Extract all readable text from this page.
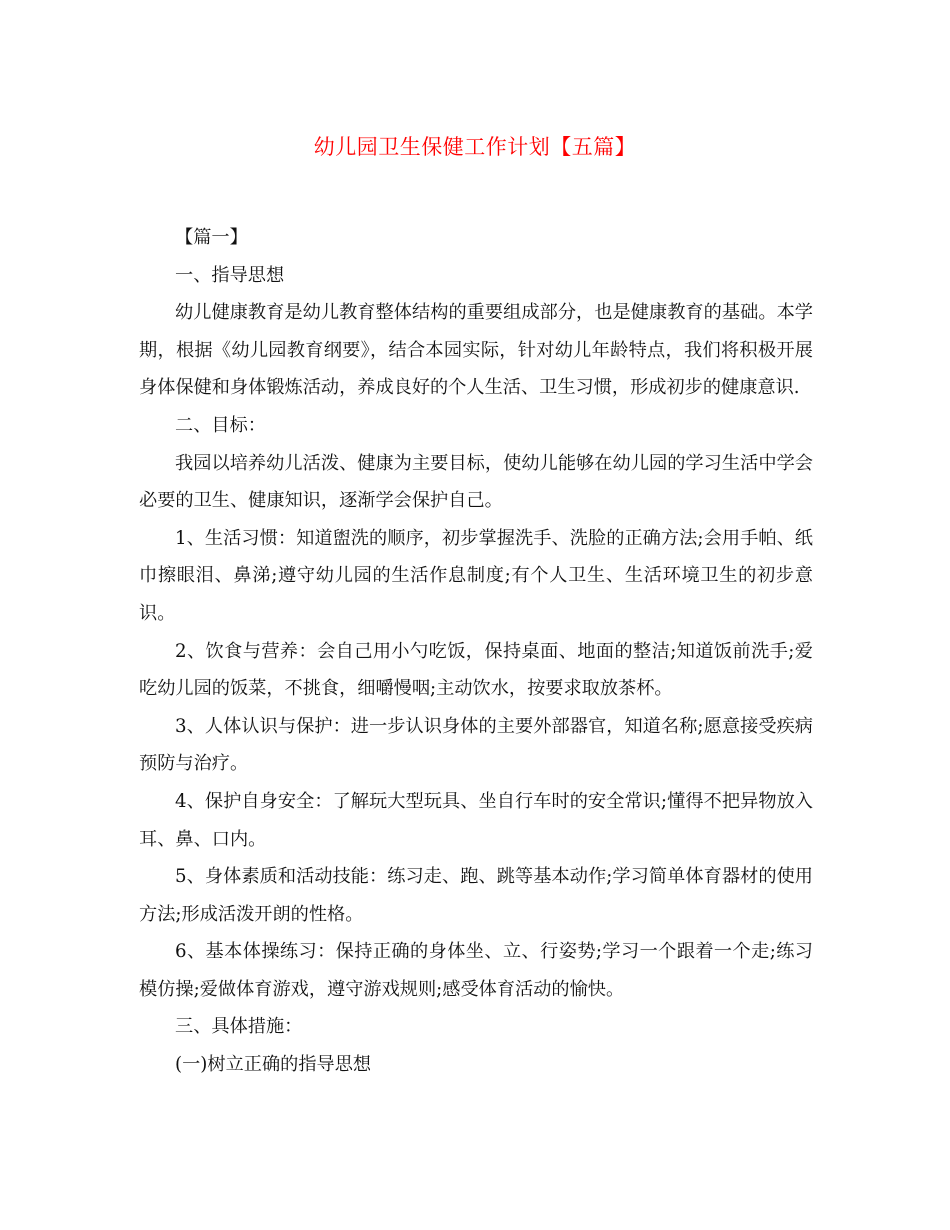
幼儿园卫生保健工作计划【五篇】

【篇一】

一、指导思想

幼儿健康教育是幼儿教育整体结构的重要组成部分，也是健康教育的基础。本学期，根据《幼儿园教育纲要》，结合本园实际，针对幼儿年龄特点，我们将积极开展身体保健和身体锻炼活动，养成良好的个人生活、卫生习惯，形成初步的健康意识.

二、目标：

我园以培养幼儿活泼、健康为主要目标，使幼儿能够在幼儿园的学习生活中学会必要的卫生、健康知识，逐渐学会保护自己。

1、生活习惯：知道盥洗的顺序，初步掌握洗手、洗脸的正确方法;会用手帕、纸巾擦眼泪、鼻涕;遵守幼儿园的生活作息制度;有个人卫生、生活环境卫生的初步意识。

2、饮食与营养：会自己用小勺吃饭，保持桌面、地面的整洁;知道饭前洗手;爱吃幼儿园的饭菜，不挑食，细嚼慢咽;主动饮水，按要求取放茶杯。

3、人体认识与保护：进一步认识身体的主要外部器官，知道名称;愿意接受疾病预防与治疗。

4、保护自身安全：了解玩大型玩具、坐自行车时的安全常识;懂得不把异物放入耳、鼻、口内。

5、身体素质和活动技能：练习走、跑、跳等基本动作;学习简单体育器材的使用方法;形成活泼开朗的性格。

6、基本体操练习：保持正确的身体坐、立、行姿势;学习一个跟着一个走;练习模仿操;爱做体育游戏，遵守游戏规则;感受体育活动的愉快。

三、具体措施：

(一)树立正确的指导思想
